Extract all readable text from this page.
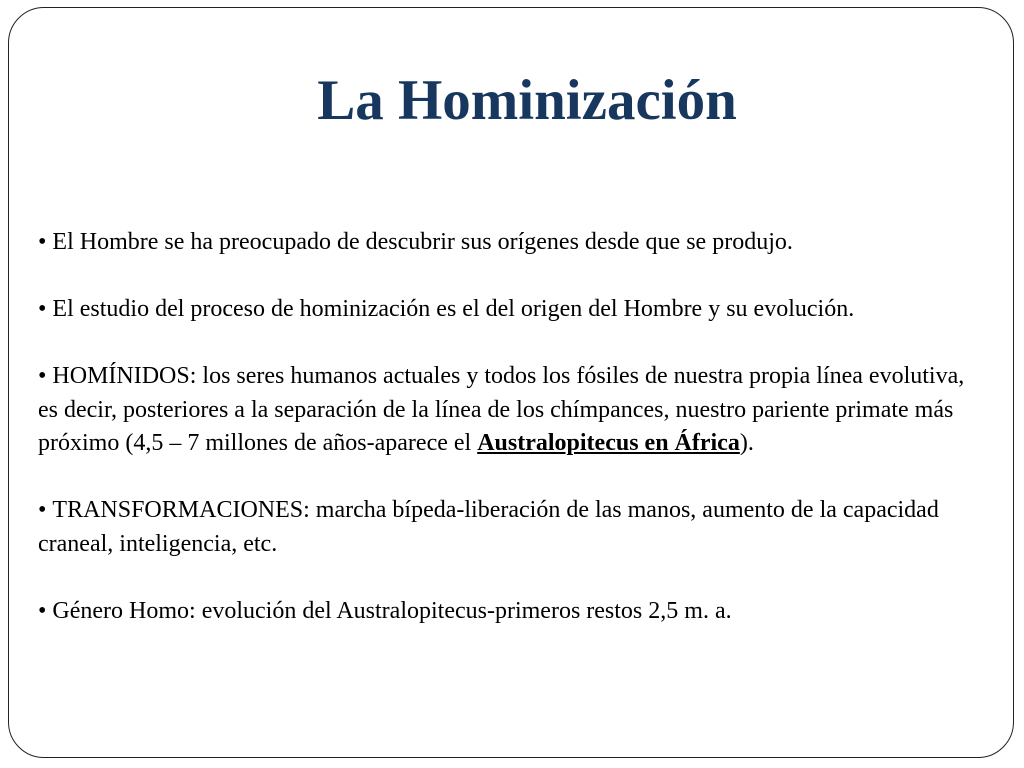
La Hominización

• El Hombre se ha preocupado de descubrir sus orígenes desde que se produjo.

• El estudio del proceso de hominización es el del origen del Hombre y su evolución.

• HOMÍNIDOS: los seres humanos actuales y todos los fósiles de nuestra propia línea evolutiva, es decir, posteriores a la separación de la línea de los chímpances, nuestro pariente primate más próximo (4,5 – 7 millones de años-aparece el Australopitecus en África).

• TRANSFORMACIONES: marcha bípeda-liberación de las manos, aumento de la capacidad craneal, inteligencia, etc.

• Género Homo: evolución del Australopitecus-primeros restos 2,5 m. a.
